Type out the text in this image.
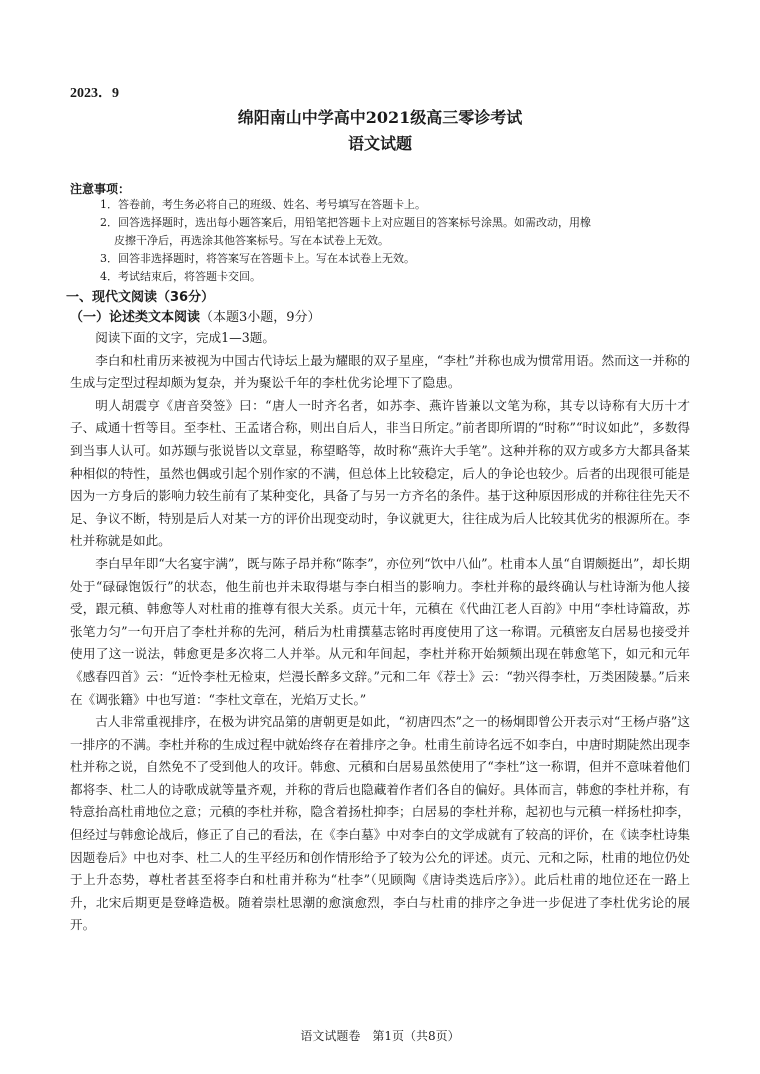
2023．9
绵阳南山中学高中2021级高三零诊考试
语文试题
注意事项：
1．答卷前，考生务必将自己的班级、姓名、考号填写在答题卡上。
2．回答选择题时，选出每小题答案后，用铅笔把答题卡上对应题目的答案标号涂黑。如需改动，用橡
皮擦干净后，再选涂其他答案标号。写在本试卷上无效。
3．回答非选择题时，将答案写在答题卡上。写在本试卷上无效。
4．考试结束后，将答题卡交回。
一、现代文阅读（36分）
（一）论述类文本阅读（本题3小题，9分）

阅读下面的文字，完成1—3题。

李白和杜甫历来被视为中国古代诗坛上最为耀眼的双子星座，“李杜”并称也成为惯常用语。然而这一并称的生成与定型过程却颇为复杂，并为聚讼千年的李杜优劣论埋下了隐患。

明人胡震亨《唐音癸签》曰：“唐人一时齐名者，如苏李、燕许皆兼以文笔为称，其专以诗称有大历十才子、咸通十哲等目。至李杜、王孟诸合称，则出自后人，非当日所定。”前者即所谓的“时称”“时议如此”，多数得到当事人认可。如苏颋与张说皆以文章显，称望略等，故时称“燕许大手笔”。这种并称的双方或多方大都具备某种相似的特性，虽然也偶或引起个别作家的不满，但总体上比较稳定，后人的争论也较少。后者的出现很可能是因为一方身后的影响力较生前有了某种变化，具备了与另一方齐名的条件。基于这种原因形成的并称往往先天不足、争议不断，特别是后人对某一方的评价出现变动时，争议就更大，往往成为后人比较其优劣的根源所在。李杜并称就是如此。

李白早年即“大名宴宇满”，既与陈子昂并称“陈李”，亦位列“饮中八仙”。杜甫本人虽“自谓颇挺出”，却长期处于“碌碌饱饭行”的状态，他生前也并未取得堪与李白相当的影响力。李杜并称的最终确认与杜诗渐为他人接受，跟元稹、韩愈等人对杜甫的推尊有很大关系。贞元十年，元稹在《代曲江老人百韵》中用“李杜诗篇敌，苏张笔力匀”一句开启了李杜并称的先河，稍后为杜甫撰墓志铭时再度使用了这一称谓。元稹密友白居易也接受并使用了这一说法，韩愈更是多次将二人并举。从元和年间起，李杜并称开始频频出现在韩愈笔下，如元和元年《感春四首》云：“近怜李杜无检束，烂漫长醉多文辞。”元和二年《荐士》云：“勃兴得李杜，万类困陵暴。”后来在《调张籍》中也写道：“李杜文章在，光焰万丈长。”

古人非常重视排序，在极为讲究品第的唐朝更是如此，“初唐四杰”之一的杨炯即曾公开表示对“王杨卢骆”这一排序的不满。李杜并称的生成过程中就始终存在着排序之争。杜甫生前诗名远不如李白，中唐时期陡然出现李杜并称之说，自然免不了受到他人的攻讦。韩愈、元稹和白居易虽然使用了“李杜”这一称谓，但并不意味着他们都将李、杜二人的诗歌成就等量齐观，并称的背后也隐藏着作者们各自的偏好。具体而言，韩愈的李杜并称，有特意抬高杜甫地位之意；元稹的李杜并称，隐含着扬杜抑李；白居易的李杜并称，起初也与元稹一样扬杜抑李，但经过与韩愈论战后，修正了自己的看法，在《李白墓》中对李白的文学成就有了较高的评价，在《读李杜诗集因题卷后》中也对李、杜二人的生平经历和创作情形给予了较为公允的评述。贞元、元和之际，杜甫的地位仍处于上升态势，尊杜者甚至将李白和杜甫并称为“杜李”（见顾陶《唐诗类选后序》）。此后杜甫的地位还在一路上升，北宋后期更是登峰造极。随着崇杜思潮的愈演愈烈，李白与杜甫的排序之争进一步促进了李杜优劣论的展开。

语文试题卷　第1页（共8页）
